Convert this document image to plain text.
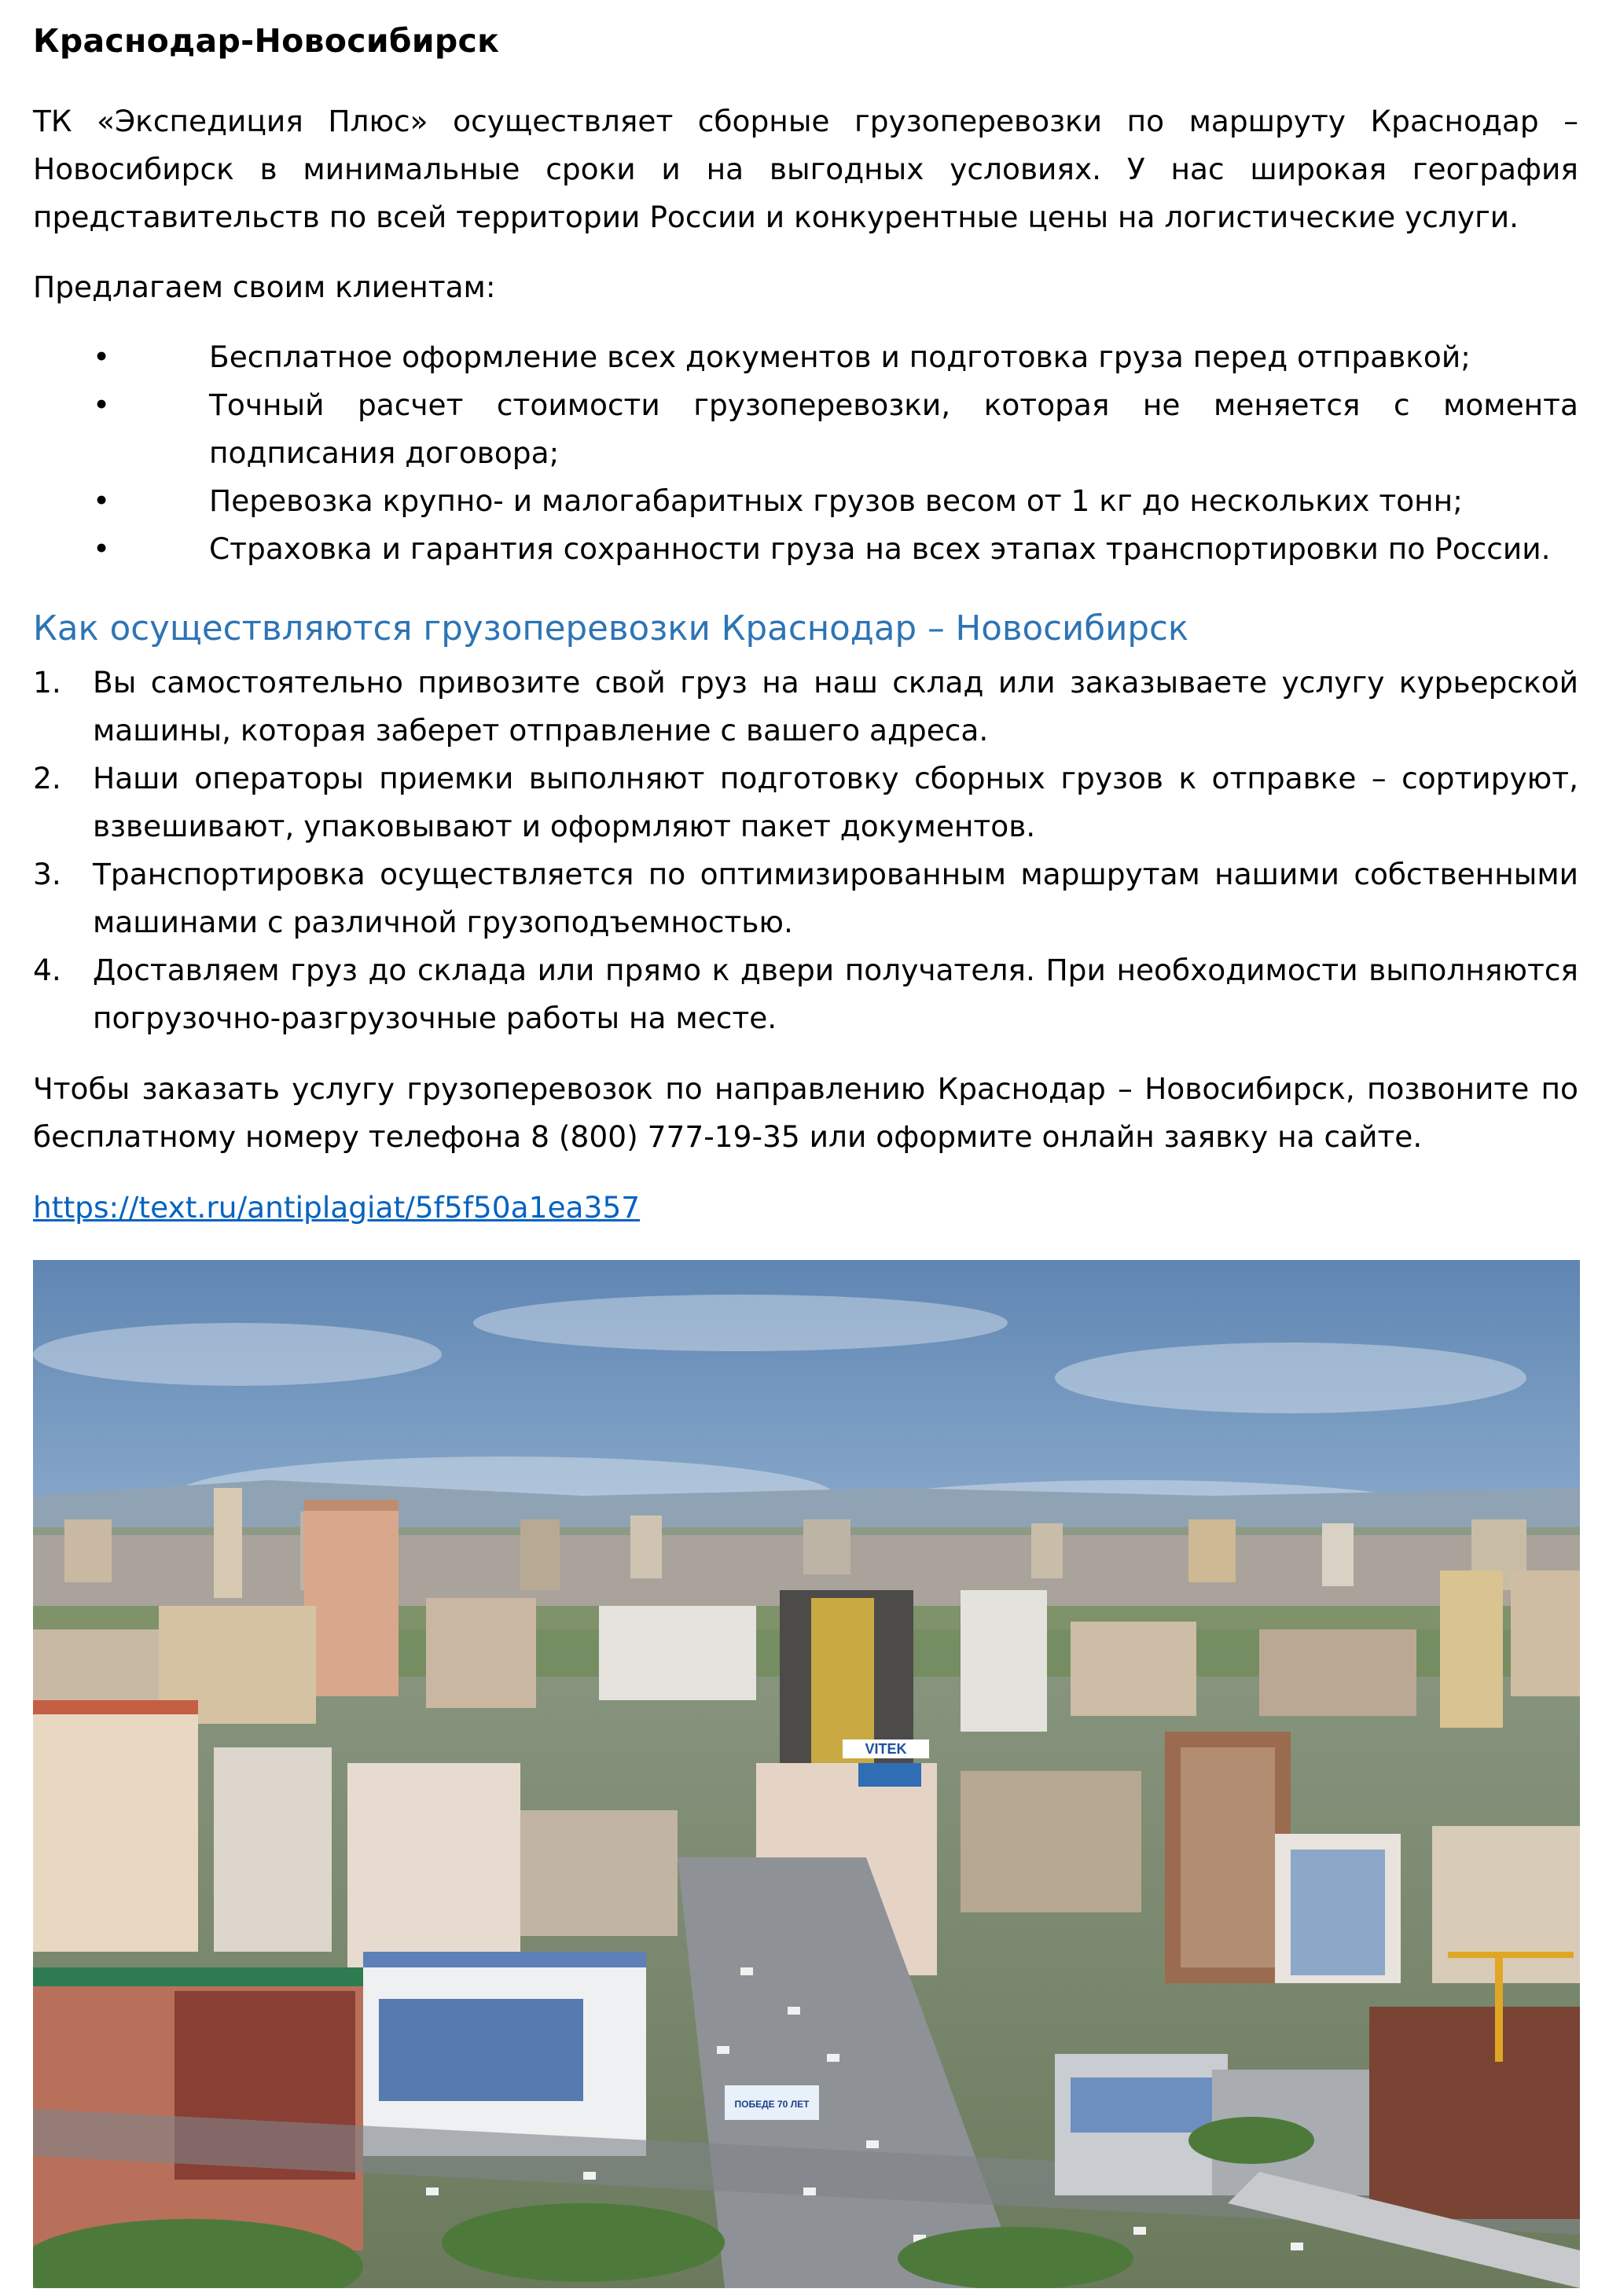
Краснодар-Новосибирск
ТК «Экспедиция Плюс» осуществляет сборные грузоперевозки по маршруту Краснодар – Новосибирск в минимальные сроки и на выгодных условиях. У нас широкая география представительств по всей территории России и конкурентные цены на логистические услуги.
Предлагаем своим клиентам:
•	Бесплатное оформление всех документов и подготовка груза перед отправкой;
•	Точный расчет стоимости грузоперевозки, которая не меняется с момента подписания договора;
•	Перевозка крупно- и малогабаритных грузов весом от 1 кг до нескольких тонн;
•	Страховка и гарантия сохранности груза на всех этапах транспортировки по России.
Как осуществляются грузоперевозки Краснодар – Новосибирск
1. Вы самостоятельно привозите свой груз на наш склад или заказываете услугу курьерской машины, которая заберет отправление с вашего адреса.
2. Наши операторы приемки выполняют подготовку сборных грузов к отправке – сортируют, взвешивают, упаковывают и оформляют пакет документов.
3. Транспортировка осуществляется по оптимизированным маршрутам нашими собственными машинами с различной грузоподъемностью.
4. Доставляем груз до склада или прямо к двери получателя. При необходимости выполняются погрузочно-разгрузочные работы на месте.
Чтобы заказать услугу грузоперевозок по направлению Краснодар – Новосибирск, позвоните по бесплатному номеру телефона 8 (800) 777-19-35 или оформите онлайн заявку на сайте.
https://text.ru/antiplagiat/5f5f50a1ea357
VITEK
ПОБЕДЕ 70 ЛЕТ
